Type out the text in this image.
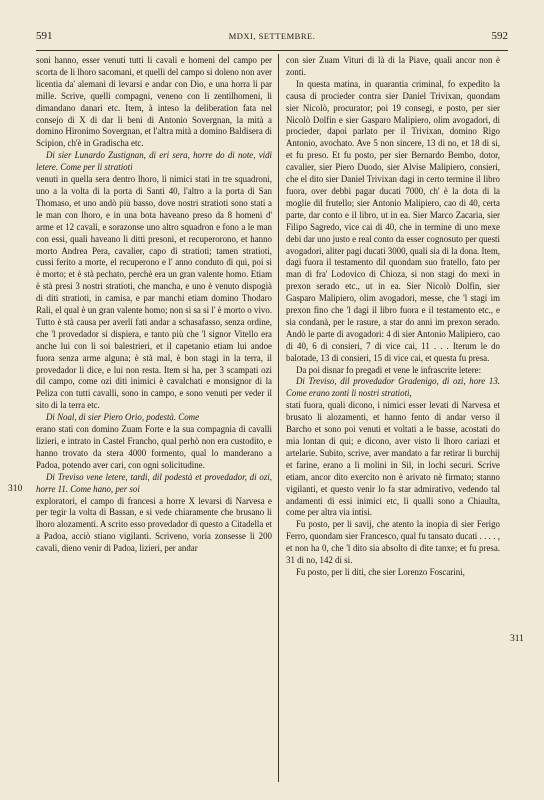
591	MDXI, SETTEMBRE.	592

soni hanno, esser venuti tutti li cavali e homeni del campo per scorta de li lhoro sacomani, et quelli del campo si doleno non aver licentia da' alemani di levarsi e andar con Dio, e una horra li par mille. Scrive, quelli compagni, veneno con li zentilhomeni, li dimandano danari etc. Item, à inteso la deliberation fata nel consejo di X di dar li beni di Antonio Sovergnan, la mità a domino Hironimo Sovergnan, et l'altra mità a domino Baldisera di Scipion, ch'è in Gradischa etc.

Di sier Lunardo Zustignan, di eri sera, horre do di note, vidi letere. Come per li stratioti

venuti in quella sera dentro lhoro, li nimici stati in tre squadroni, uno a la volta di la porta di Santi 40, l'altro a la porta di San Thomaso, et uno andò più basso, dove nostri stratioti sono stati a le man con lhoro, e in una bota haveano preso da 8 homeni d' arme et 12 cavali, e sorazonse uno altro squadron e fono a le man con essi, quali haveano li ditti presoni, et recuperorono, et hanno morto Andrea Pera, cavalier, capo di stratioti; tamen stratioti, cussi ferito a morte, el recuperono e l' anno conduto di qui, poi si è morto; et è stà pechato, perchè era un gran valente homo. Etiam è stà presi 3 nostri stratioti, che mancha, e uno è venuto dispogià di diti stratioti, in camisa, e par manchi etiam domino Thodaro Rali, el qual è un gran valente homo; non si sa si l' è morto o vivo. Tutto è stà causa per averli fati andar a schasafasso, senza ordine, che 'l provedador si dispiera, e tanto più che 'l signor Vitello era anche lui con li soi balestrieri, et il capetanio etiam lui andoe fuora senza arme alguna; è stà mal, è bon stagi in la terra, il provedador li dice, e lui non resta. Item si ha, per 3 scampati ozi dil campo, come ozi diti inimici è cavalchati e monsignor di la Peliza con tutti cavalli, sono in campo, e sono venuti per veder il sito di la terra etc.

Di Noal, di sier Piero Orio, podestà. Come

erano stati con domino Zuam Forte e la sua compagnia di cavalli lizieri, e intrato in Castel Francho, qual perhò non era custodito, e hanno trovato da stera 4000 formento, qual lo manderano a Padoa, potendo aver cari, con ogni solicitudine.

Di Treviso vene letere, tardi, dil podestà et provedador, di ozi, horre 11. Come hano, per soi

exploratori, el campo di francesi a horre X levarsi di Narvesa e per tegir la volta di Bassan, e si vede chiaramente che brusano li lhoro alozamenti. A scrito esso provedador di questo a Citadella et a Padoa, acciò stiano vigilanti. Scriveno, voria zonsesse li 200 cavali, dieno venir di Padoa, lizieri, per andar

con sier Zuam Vituri di là di la Piave, quali ancor non è zonti.

In questa matina, in quarantia criminal, fo expedito la causa di procieder contra sier Daniel Trivixan, quondam sier Nicolò, procurator; poi 19 consegi, e posto, per sier Nicolò Dolfin e sier Gasparo Malipiero, olim avogadori, di procieder, dapoi parlato per il Trivixan, domino Rigo Antonio, avochato. Ave 5 non sincere, 13 di no, et 18 di si, et fu preso. Et fu posto, per sier Bernardo Bembo, dotor, cavalier, sier Piero Duodo, sier Alvise Malipiero, consieri, che el dito sier Daniel Trivixan dagi in certo termine il libro fuora, over debbi pagar ducati 7000, ch' è la dota di la moglie dil frutello; sier Antonio Malipiero, cao di 40, certa parte, dar conto e il libro, ut in ea. Sier Marco Zacaria, sier Filipo Sagredo, vice cai di 40, che in termine di uno mexe debi dar uno justo e real conto da esser cognosuto per questi avogadori, aliter pagi ducati 3000, quali sia di la dona. Item, dagi fuora il testamento dil quondam suo fratello, fato per man di fra' Lodovico di Chioza, si non stagi do mexi in prexon serado etc., ut in ea. Sier Nicolò Dolfin, sier Gasparo Malipiero, olim avogadori, messe, che 'l stagi im prexon fino che 'l dagi il libro fuora e il testamento etc., e sia condanà, per le rasure, a star do anni im prexon serado. Andò le parte di avogadori: 4 di sier Antonio Malipiero, cao di 40, 6 di consieri, 7 di vice cai, 11 . . . Iterum le do balotade, 13 di consieri, 15 di vice cai, et questa fu presa.

Da poi disnar fo pregadi et vene le infrascrite letere:

Di Treviso, dil provedador Gradenigo, di ozi, hore 13. Come erano zonti li nostri stratioti,

stati fuora, quali dicono, i nimici esser levati di Narvesa et brusato li alozamenti, et hanno fento di andar verso il Barcho et sono poi venuti et voltati a le basse, acostati do mia lontan di qui; e dicono, aver visto li lhoro cariazi et artelarie. Subito, scrive, aver mandato a far retirar li burchij et farine, erano a li molini in Sil, in lochi securi. Scrive etiam, ancor dito exercito non è arivato nè firmato; stanno vigilanti, et questo venir lo fa star admirativo, vedendo tal andamenti di essi inimici etc, li qualli sono a Chiaulta, come per altra via intisi.

Fu posto, per li savij, che atento la inopia di sier Ferigo Ferro, quondam sier Francesco, qual fu tansato ducati . . . . , et non ha 0, che 'l dito sia absolto di dite tanxe; et fu presa. 31 di no, 142 di si.

Fu posto, per li diti, che sier Lorenzo Foscarini,

310
311
